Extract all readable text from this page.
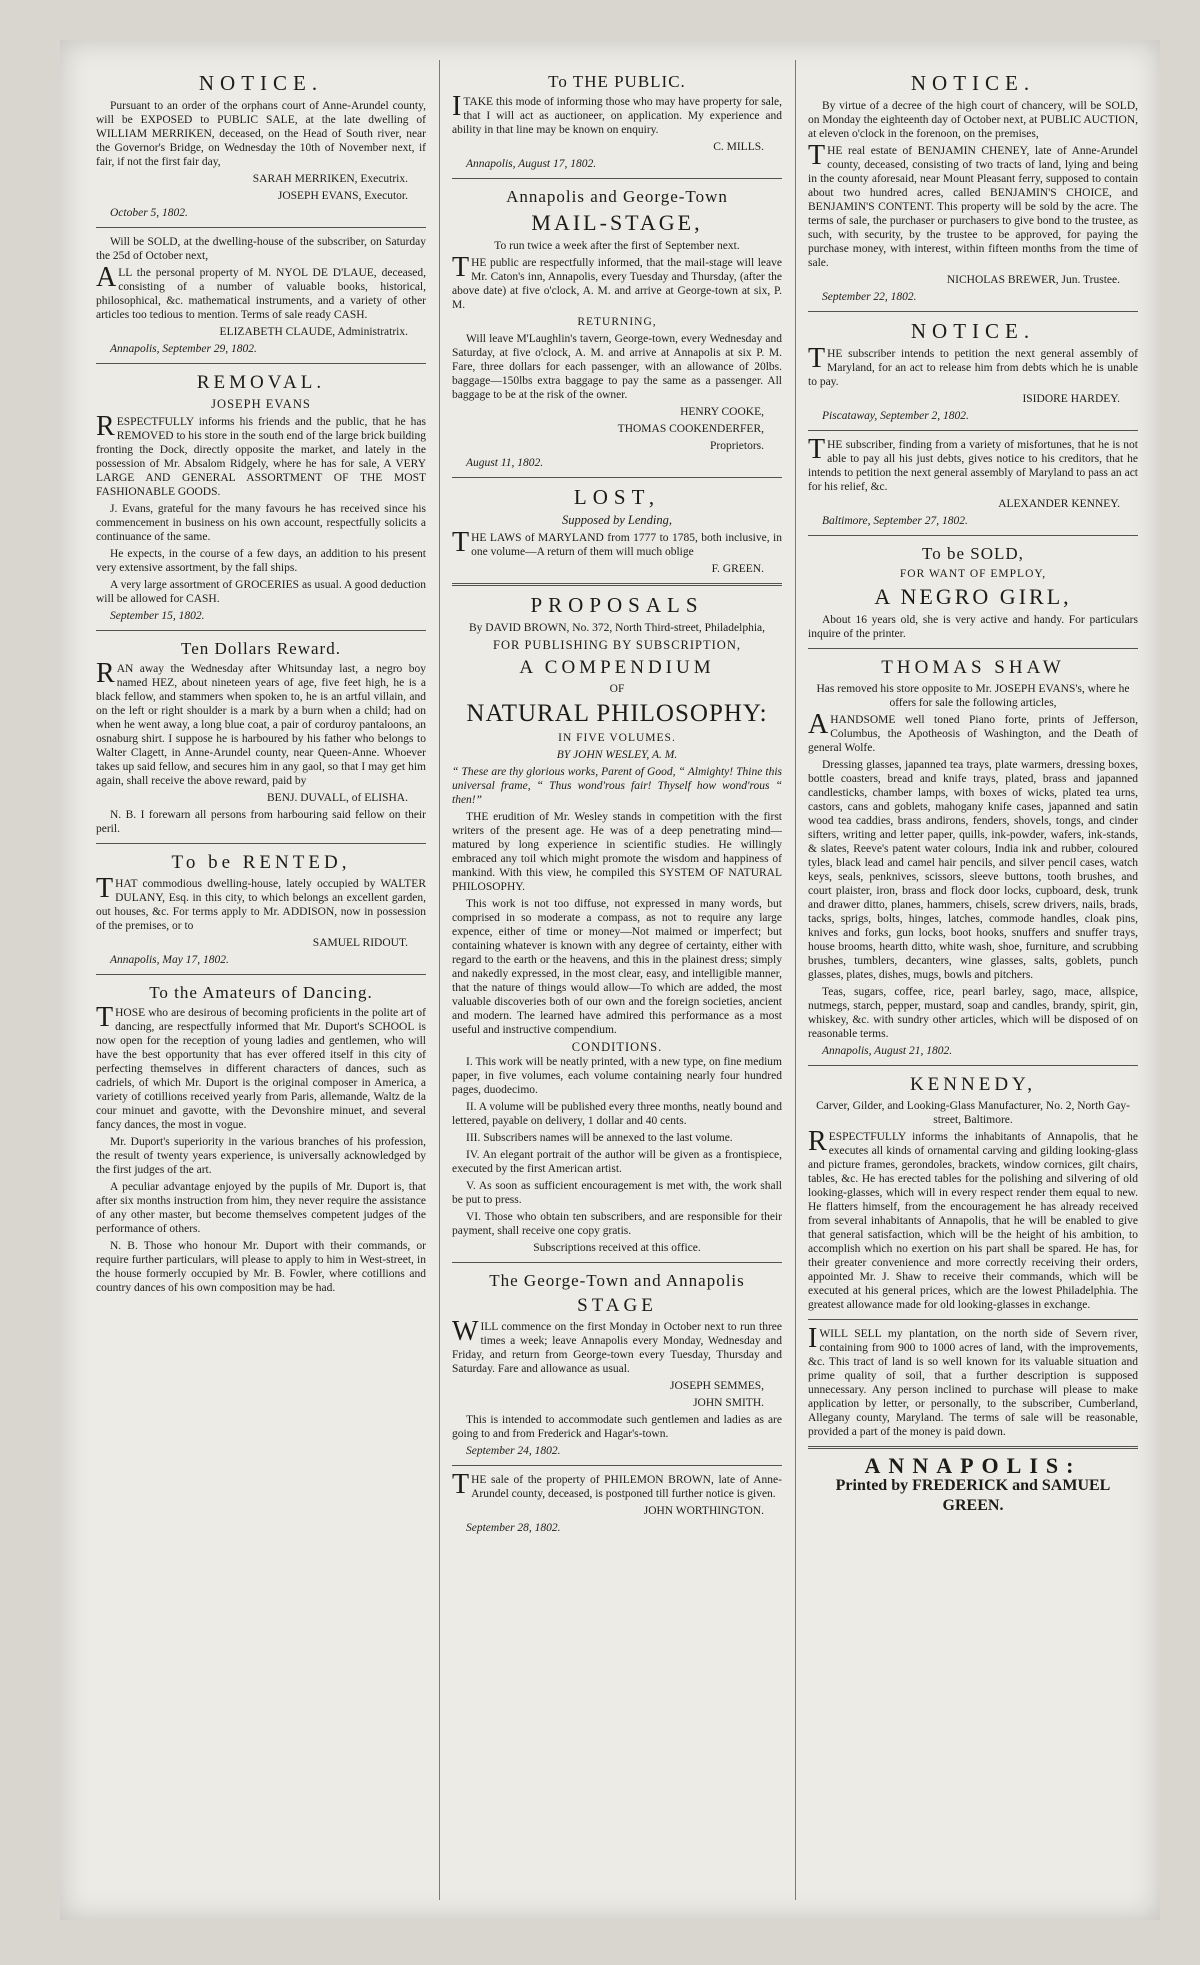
NOTICE.

Pursuant to an order of the orphans court of Anne-Arundel county, will be EXPOSED to PUBLIC SALE, at the late dwelling of WILLIAM MERRIKEN, deceased, on the Head of South river, near the Governor's Bridge, on Wednesday the 10th of November next, if fair, if not the first fair day,

SARAH MERRIKEN, Executrix.

JOSEPH EVANS, Executor.

October 5, 1802.

Will be SOLD, at the dwelling-house of the subscriber, on Saturday the 25d of October next,

ALL the personal property of M. NYOL DE D'LAUE, deceased, consisting of a number of valuable books, historical, philosophical, &c. mathematical instruments, and a variety of other articles too tedious to mention. Terms of sale ready CASH.

ELIZABETH CLAUDE, Administratrix.

Annapolis, September 29, 1802.

REMOVAL.

JOSEPH EVANS

RESPECTFULLY informs his friends and the public, that he has REMOVED to his store in the south end of the large brick building fronting the Dock, directly opposite the market, and lately in the possession of Mr. Absalom Ridgely, where he has for sale, A VERY LARGE AND GENERAL ASSORTMENT OF THE MOST FASHIONABLE GOODS.

J. Evans, grateful for the many favours he has received since his commencement in business on his own account, respectfully solicits a continuance of the same.

He expects, in the course of a few days, an addition to his present very extensive assortment, by the fall ships.

A very large assortment of GROCERIES as usual. A good deduction will be allowed for CASH.

September 15, 1802.

Ten Dollars Reward.

RAN away the Wednesday after Whitsunday last, a negro boy named HEZ, about nineteen years of age, five feet high, he is a black fellow, and stammers when spoken to, he is an artful villain, and on the left or right shoulder is a mark by a burn when a child; had on when he went away, a long blue coat, a pair of corduroy pantaloons, an osnaburg shirt. I suppose he is harboured by his father who belongs to Walter Clagett, in Anne-Arundel county, near Queen-Anne. Whoever takes up said fellow, and secures him in any gaol, so that I may get him again, shall receive the above reward, paid by

BENJ. DUVALL, of ELISHA.

N. B. I forewarn all persons from harbouring said fellow on their peril.

To be RENTED,

THAT commodious dwelling-house, lately occupied by WALTER DULANY, Esq. in this city, to which belongs an excellent garden, out houses, &c. For terms apply to Mr. ADDISON, now in possession of the premises, or to

SAMUEL RIDOUT.

Annapolis, May 17, 1802.

To the Amateurs of Dancing.

THOSE who are desirous of becoming proficients in the polite art of dancing, are respectfully informed that Mr. Duport's SCHOOL is now open for the reception of young ladies and gentlemen, who will have the best opportunity that has ever offered itself in this city of perfecting themselves in different characters of dances, such as cadriels, of which Mr. Duport is the original composer in America, a variety of cotillions received yearly from Paris, allemande, Waltz de la cour minuet and gavotte, with the Devonshire minuet, and several fancy dances, the most in vogue.

Mr. Duport's superiority in the various branches of his profession, the result of twenty years experience, is universally acknowledged by the first judges of the art.

A peculiar advantage enjoyed by the pupils of Mr. Duport is, that after six months instruction from him, they never require the assistance of any other master, but become themselves competent judges of the performance of others.

N. B. Those who honour Mr. Duport with their commands, or require further particulars, will please to apply to him in West-street, in the house formerly occupied by Mr. B. Fowler, where cotillions and country dances of his own composition may be had.

To THE PUBLIC.

ITAKE this mode of informing those who may have property for sale, that I will act as auctioneer, on application. My experience and ability in that line may be known on enquiry.

C. MILLS.

Annapolis, August 17, 1802.

Annapolis and George-Town
MAIL-STAGE,

To run twice a week after the first of September next.

THE public are respectfully informed, that the mail-stage will leave Mr. Caton's inn, Annapolis, every Tuesday and Thursday, (after the above date) at five o'clock, A. M. and arrive at George-town at six, P. M.

RETURNING,

Will leave M'Laughlin's tavern, George-town, every Wednesday and Saturday, at five o'clock, A. M. and arrive at Annapolis at six P. M. Fare, three dollars for each passenger, with an allowance of 20lbs. baggage—150lbs extra baggage to pay the same as a passenger. All baggage to be at the risk of the owner.

HENRY COOKE,

THOMAS COOKENDERFER,

Proprietors.

August 11, 1802.

LOST,

Supposed by Lending,

THE LAWS of MARYLAND from 1777 to 1785, both inclusive, in one volume—A return of them will much oblige

F. GREEN.

PROPOSALS

By DAVID BROWN, No. 372, North Third-street, Philadelphia,

FOR PUBLISHING BY SUBSCRIPTION,

A COMPENDIUM

OF

NATURAL PHILOSOPHY:

IN FIVE VOLUMES.

BY JOHN WESLEY, A. M.

“ These are thy glorious works, Parent of Good, “ Almighty! Thine this universal frame, “ Thus wond'rous fair! Thyself how wond'rous “ then!”

THE erudition of Mr. Wesley stands in competition with the first writers of the present age. He was of a deep penetrating mind—matured by long experience in scientific studies. He willingly embraced any toil which might promote the wisdom and happiness of mankind. With this view, he compiled this SYSTEM OF NATURAL PHILOSOPHY.

This work is not too diffuse, not expressed in many words, but comprised in so moderate a compass, as not to require any large expence, either of time or money—Not maimed or imperfect; but containing whatever is known with any degree of certainty, either with regard to the earth or the heavens, and this in the plainest dress; simply and nakedly expressed, in the most clear, easy, and intelligible manner, that the nature of things would allow—To which are added, the most valuable discoveries both of our own and the foreign societies, ancient and modern. The learned have admired this performance as a most useful and instructive compendium.

CONDITIONS.

I. This work will be neatly printed, with a new type, on fine medium paper, in five volumes, each volume containing nearly four hundred pages, duodecimo.

II. A volume will be published every three months, neatly bound and lettered, payable on delivery, 1 dollar and 40 cents.

III. Subscribers names will be annexed to the last volume.

IV. An elegant portrait of the author will be given as a frontispiece, executed by the first American artist.

V. As soon as sufficient encouragement is met with, the work shall be put to press.

VI. Those who obtain ten subscribers, and are responsible for their payment, shall receive one copy gratis.

Subscriptions received at this office.

The George-Town and Annapolis
STAGE

WILL commence on the first Monday in October next to run three times a week; leave Annapolis every Monday, Wednesday and Friday, and return from George-town every Tuesday, Thursday and Saturday. Fare and allowance as usual.

JOSEPH SEMMES,

JOHN SMITH.

This is intended to accommodate such gentlemen and ladies as are going to and from Frederick and Hagar's-town.

September 24, 1802.

THE sale of the property of PHILEMON BROWN, late of Anne-Arundel county, deceased, is postponed till further notice is given.

JOHN WORTHINGTON.

September 28, 1802.

NOTICE.

By virtue of a decree of the high court of chancery, will be SOLD, on Monday the eighteenth day of October next, at PUBLIC AUCTION, at eleven o'clock in the forenoon, on the premises,

THE real estate of BENJAMIN CHENEY, late of Anne-Arundel county, deceased, consisting of two tracts of land, lying and being in the county aforesaid, near Mount Pleasant ferry, supposed to contain about two hundred acres, called BENJAMIN'S CHOICE, and BENJAMIN'S CONTENT. This property will be sold by the acre. The terms of sale, the purchaser or purchasers to give bond to the trustee, as such, with security, by the trustee to be approved, for paying the purchase money, with interest, within fifteen months from the time of sale.

NICHOLAS BREWER, Jun. Trustee.

September 22, 1802.

NOTICE.

THE subscriber intends to petition the next general assembly of Maryland, for an act to release him from debts which he is unable to pay.

ISIDORE HARDEY.

Piscataway, September 2, 1802.

THE subscriber, finding from a variety of misfortunes, that he is not able to pay all his just debts, gives notice to his creditors, that he intends to petition the next general assembly of Maryland to pass an act for his relief, &c.

ALEXANDER KENNEY.

Baltimore, September 27, 1802.

To be SOLD,

FOR WANT OF EMPLOY,

A NEGRO GIRL,

About 16 years old, she is very active and handy. For particulars inquire of the printer.

THOMAS SHAW

Has removed his store opposite to Mr. JOSEPH EVANS's, where he offers for sale the following articles,

AHANDSOME well toned Piano forte, prints of Jefferson, Columbus, the Apotheosis of Washington, and the Death of general Wolfe.

Dressing glasses, japanned tea trays, plate warmers, dressing boxes, bottle coasters, bread and knife trays, plated, brass and japanned candlesticks, chamber lamps, with boxes of wicks, plated tea urns, castors, cans and goblets, mahogany knife cases, japanned and satin wood tea caddies, brass andirons, fenders, shovels, tongs, and cinder sifters, writing and letter paper, quills, ink-powder, wafers, ink-stands, & slates, Reeve's patent water colours, India ink and rubber, coloured tyles, black lead and camel hair pencils, and silver pencil cases, watch keys, seals, penknives, scissors, sleeve buttons, tooth brushes, and court plaister, iron, brass and flock door locks, cupboard, desk, trunk and drawer ditto, planes, hammers, chisels, screw drivers, nails, brads, tacks, sprigs, bolts, hinges, latches, commode handles, cloak pins, knives and forks, gun locks, boot hooks, snuffers and snuffer trays, house brooms, hearth ditto, white wash, shoe, furniture, and scrubbing brushes, tumblers, decanters, wine glasses, salts, goblets, punch glasses, plates, dishes, mugs, bowls and pitchers.

Teas, sugars, coffee, rice, pearl barley, sago, mace, allspice, nutmegs, starch, pepper, mustard, soap and candles, brandy, spirit, gin, whiskey, &c. with sundry other articles, which will be disposed of on reasonable terms.

Annapolis, August 21, 1802.

KENNEDY,

Carver, Gilder, and Looking-Glass Manufacturer, No. 2, North Gay-street, Baltimore.

RESPECTFULLY informs the inhabitants of Annapolis, that he executes all kinds of ornamental carving and gilding looking-glass and picture frames, gerondoles, brackets, window cornices, gilt chairs, tables, &c. He has erected tables for the polishing and silvering of old looking-glasses, which will in every respect render them equal to new. He flatters himself, from the encouragement he has already received from several inhabitants of Annapolis, that he will be enabled to give that general satisfaction, which will be the height of his ambition, to accomplish which no exertion on his part shall be spared. He has, for their greater convenience and more correctly receiving their orders, appointed Mr. J. Shaw to receive their commands, which will be executed at his general prices, which are the lowest Philadelphia. The greatest allowance made for old looking-glasses in exchange.

IWILL SELL my plantation, on the north side of Severn river, containing from 900 to 1000 acres of land, with the improvements, &c. This tract of land is so well known for its valuable situation and prime quality of soil, that a further description is supposed unnecessary. Any person inclined to purchase will please to make application by letter, or personally, to the subscriber, Cumberland, Allegany county, Maryland. The terms of sale will be reasonable, provided a part of the money is paid down.

ANNAPOLIS:
Printed by FREDERICK and SAMUEL GREEN.
